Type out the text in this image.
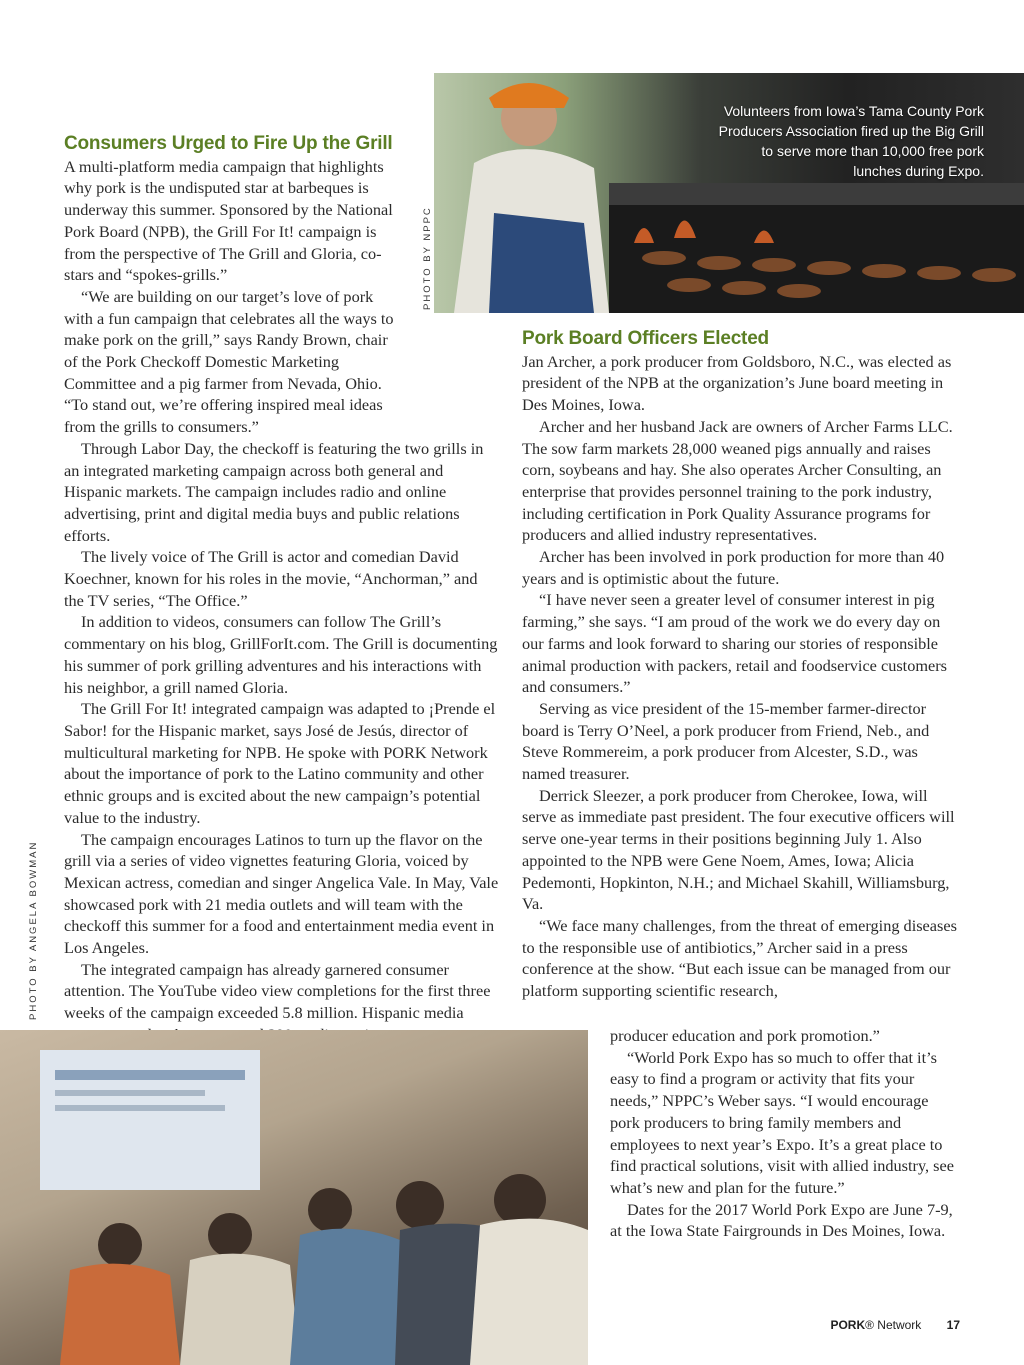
Volunteers from Iowa’s Tama County Pork Producers Association fired up the Big Grill to serve more than 10,000 free pork lunches during Expo.
PHOTO BY NPPC
Consumers Urged to Fire Up the Grill

A multi-platform media campaign that highlights why pork is the undisputed star at barbeques is underway this summer. Sponsored by the National Pork Board (NPB), the Grill For It! campaign is from the perspective of The Grill and Gloria, co-stars and “spokes-grills.”

“We are building on our target’s love of pork with a fun campaign that celebrates all the ways to make pork on the grill,” says Randy Brown, chair of the Pork Checkoff Domestic Marketing Committee and a pig farmer from Nevada, Ohio. “To stand out, we’re offering inspired meal ideas from the grills to consumers.”

Through Labor Day, the checkoff is featuring the two grills in an integrated marketing campaign across both general and Hispanic markets. The campaign includes radio and online advertising, print and digital media buys and public relations efforts.

The lively voice of The Grill is actor and comedian David Koechner, known for his roles in the movie, “Anchorman,” and the TV series, “The Office.”

In addition to videos, consumers can follow The Grill’s commentary on his blog, GrillForIt.com. The Grill is documenting his summer of pork grilling adventures and his interactions with his neighbor, a grill named Gloria.

The Grill For It! integrated campaign was adapted to ¡Prende el Sabor! for the Hispanic market, says José de Jesús, director of multicultural marketing for NPB. He spoke with PORK Network about the importance of pork to the Latino community and other ethnic groups and is excited about the new campaign’s potential value to the industry.

The campaign encourages Latinos to turn up the flavor on the grill via a series of video vignettes featuring Gloria, voiced by Mexican actress, comedian and singer Angelica Vale. In May, Vale showcased pork with 21 media outlets and will team with the checkoff this summer for a food and entertainment media event in Los Angeles.

The integrated campaign has already garnered consumer attention. The YouTube video view completions for the first three weeks of the campaign exceeded 5.8 million. Hispanic media

Pork Board Officers Elected

Jan Archer, a pork producer from Goldsboro, N.C., was elected as president of the NPB at the organization’s June board meeting in Des Moines, Iowa.

Archer and her husband Jack are owners of Archer Farms LLC. The sow farm markets 28,000 weaned pigs annually and raises corn, soybeans and hay. She also operates Archer Consulting, an enterprise that provides personnel training to the pork industry, including certification in Pork Quality Assurance programs for producers and allied industry representatives.

Archer has been involved in pork production for more than 40 years and is optimistic about the future.

“I have never seen a greater level of consumer interest in pig farming,” she says. “I am proud of the work we do every day on our farms and look forward to sharing our stories of responsible animal production with packers, retail and foodservice customers and consumers.”

Serving as vice president of the 15-member farmer-director board is Terry O’Neel, a pork producer from Friend, Neb., and Steve Rommereim, a pork producer from Alcester, S.D., was named treasurer.

Derrick Sleezer, a pork producer from Cherokee, Iowa, will serve as immediate past president. The four executive officers will serve one-year terms in their positions beginning July 1. Also appointed to the NPB were Gene Noem, Ames, Iowa; Alicia Pedemonti, Hopkinton, N.H.; and Michael Skahill, Williamsburg, Va.

“We face many challenges, from the threat of emerging diseases to the responsible use of antibiotics,” Archer said in a press conference at the show. “But each issue can be managed from our platform supporting scientific research,

producer education and pork promotion.”

“World Pork Expo has so much to offer that it’s easy to find a program or activity that fits your needs,” NPPC’s Weber says. “I would encourage pork producers to bring family members and employees to next year’s Expo. It’s a great place to find practical solutions, visit with allied industry, see what’s new and plan for the future.”

Dates for the 2017 World Pork Expo are June 7-9, at the Iowa State Fairgrounds in Des Moines, Iowa.

PHOTO BY ANGELA BOWMAN
PORK® Network 17
